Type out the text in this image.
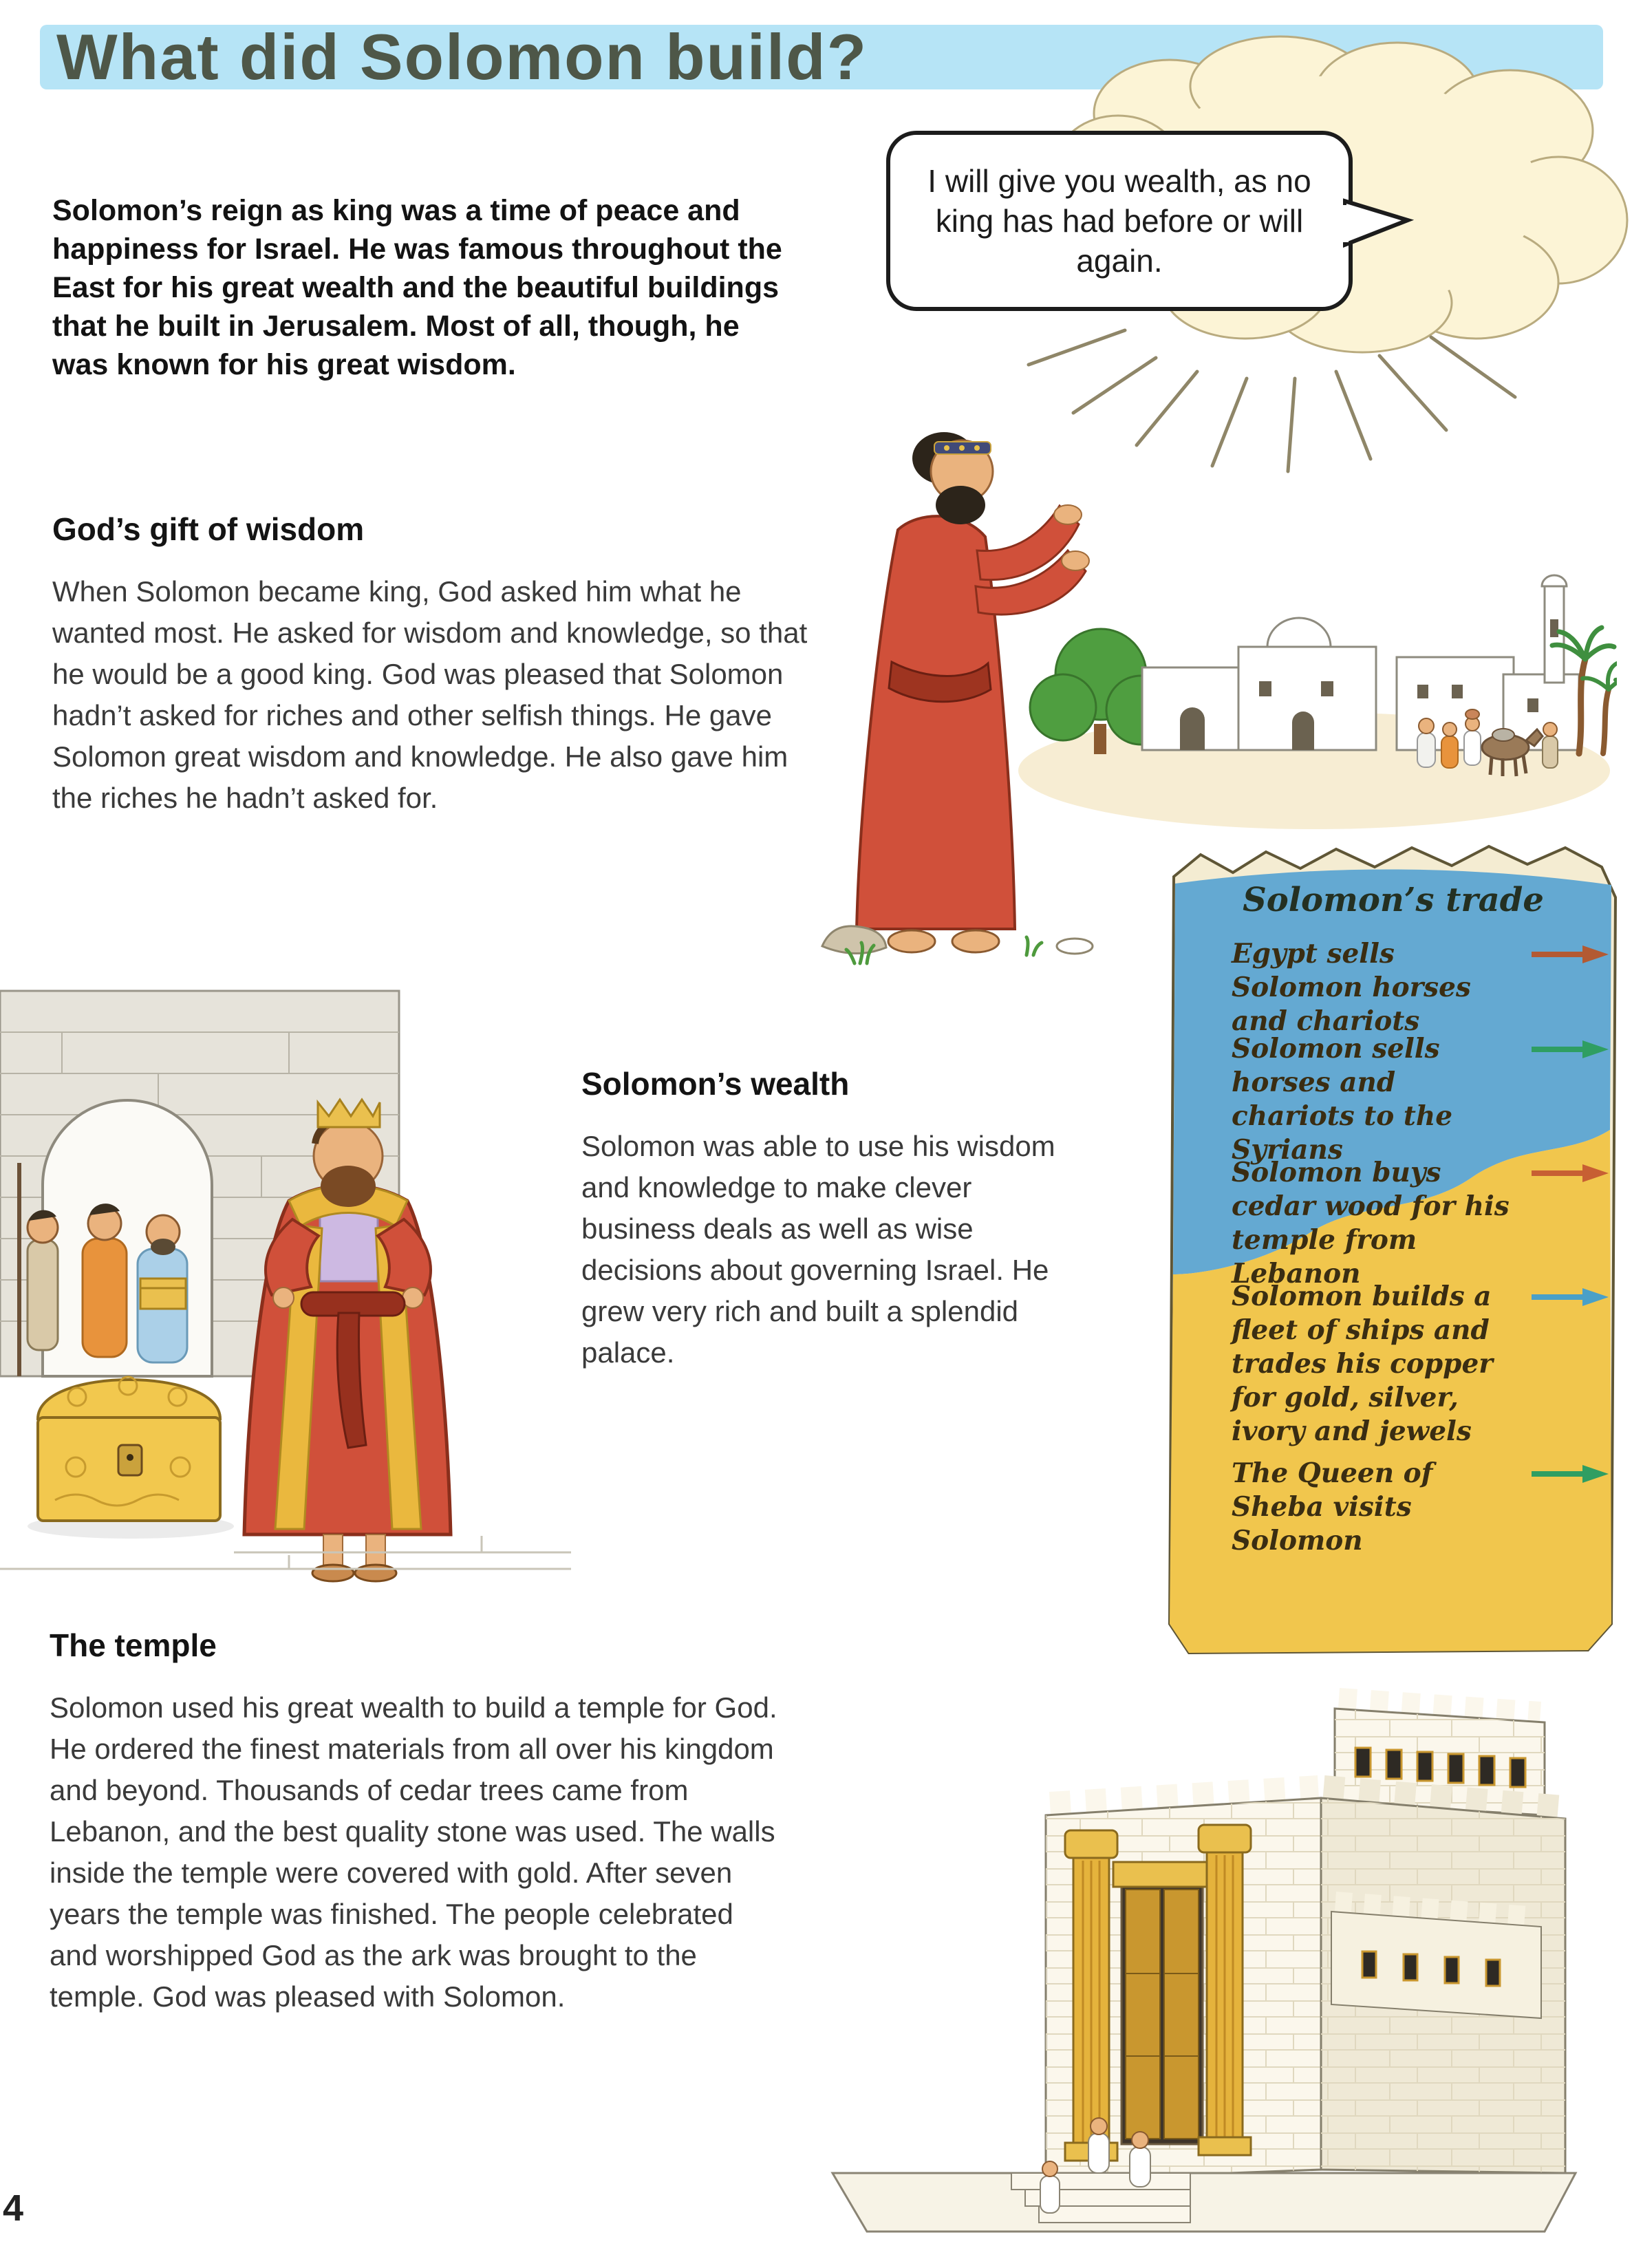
What did Solomon build?

Solomon’s reign as king was a time of peace and happiness for Israel. He was famous throughout the East for his great wealth and the beautiful buildings that he built in Jerusalem. Most of all, though, he was known for his great wisdom.

I will give you wealth, as no king has had before or will again.
God’s gift of wisdom

When Solomon became king, God asked him what he wanted most. He asked for wisdom and knowledge, so that he would be a good king. God was pleased that Solomon hadn’t asked for riches and other selfish things. He gave Solomon great wisdom and knowledge. He also gave him the riches he hadn’t asked for.

Solomon’s wealth

Solomon was able to use his wisdom and knowledge to make clever business deals as well as wise decisions about governing Israel. He grew very rich and built a splendid palace.

Solomon’s trade
Egypt sells Solomon horses and chariots
Solomon sells horses and chariots to the Syrians
Solomon buys cedar wood for his temple from Lebanon
Solomon builds a fleet of ships and trades his copper for gold, silver, ivory and jewels
The Queen of Sheba visits Solomon
The temple

Solomon used his great wealth to build a temple for God. He ordered the finest materials from all over his kingdom and beyond. Thousands of cedar trees came from Lebanon, and the best quality stone was used. The walls inside the temple were covered with gold. After seven years the temple was finished. The people celebrated and worshipped God as the ark was brought to the temple. God was pleased with Solomon.

4
